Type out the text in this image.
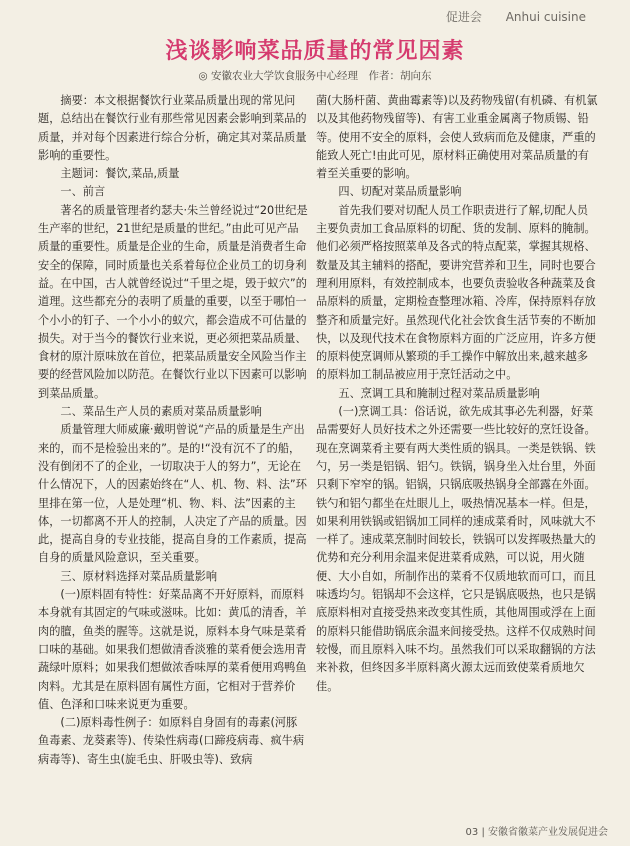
促进会 Anhui cuisine
浅谈影响菜品质量的常见因素
◎ 安徽农业大学饮食服务中心经理　作者：胡向东

摘要：本文根据餐饮行业菜品质量出现的常见问题，总结出在餐饮行业有那些常见因素会影响到菜品的质量，并对每个因素进行综合分析，确定其对菜品质量影响的重要性。

主题词：餐饮,菜品,质量

一、前言

著名的质量管理者约瑟夫·朱兰曾经说过“20世纪是生产率的世纪，21世纪是质量的世纪。”由此可见产品质量的重要性。质量是企业的生命，质量是消费者生命安全的保障，同时质量也关系着每位企业员工的切身利益。在中国，古人就曾经说过“千里之堤，毁于蚁穴”的道理。这些都充分的表明了质量的重要，以至于哪怕一个小小的钉子、一个小小的蚁穴，都会造成不可估量的损失。对于当今的餐饮行业来说，更必须把菜品质量、食材的原汁原味放在首位，把菜品质量安全风险当作主要的经营风险加以防范。在餐饮行业以下因素可以影响到菜品质量。

二、菜品生产人员的素质对菜品质量影响

质量管理大师威廉·戴明曾说“产品的质量是生产出来的，而不是检验出来的”。是的!“没有沉不了的船，没有倒闭不了的企业，一切取决于人的努力”，无论在什么情况下，人的因素始终在“人、机、物、料、法”环里排在第一位，人是处理“机、物、料、法”因素的主体，一切都离不开人的控制，人决定了产品的质量。因此，提高自身的专业技能，提高自身的工作素质，提高自身的质量风险意识，至关重要。

三、原材料选择对菜品质量影响

(一)原料固有特性：好菜品离不开好原料，而原料本身就有其固定的气味或滋味。比如：黄瓜的清香，羊肉的膻，鱼类的腥等。这就是说，原料本身气味是菜肴口味的基础。如果我们想做清香淡雅的菜肴便会选用青蔬绿叶原料；如果我们想做浓香味厚的菜肴便用鸡鸭鱼肉料。尤其是在原料固有属性方面，它相对于营养价值、色泽和口味来说更为重要。

(二)原料毒性例子：如原料自身固有的毒素(河豚鱼毒素、龙葵素等)、传染性病毒(口蹄疫病毒、疯牛病病毒等)、寄生虫(旋毛虫、肝吸虫等)、致病

菌(大肠杆菌、黄曲霉素等)以及药物残留(有机磷、有机氯以及其他药物残留等)、有害工业重金属离子物质锡、铅等。使用不安全的原料，会使人致病而危及健康，严重的能致人死亡!由此可见，原材料正确使用对菜品质量的有着至关重要的影响。

四、切配对菜品质量影响

首先我们要对切配人员工作职责进行了解,切配人员主要负责加工食品原料的切配、货的发制、原料的腌制。他们必须严格按照菜单及各式的特点配菜，掌握其规格、数量及其主辅料的搭配，要讲究营养和卫生，同时也要合理利用原料，有效控制成本，也要负责验收各种蔬菜及食品原料的质量，定期检查整理冰箱、冷库，保持原料存放整齐和质量完好。虽然现代化社会饮食生活节奏的不断加快，以及现代技术在食物原料方面的广泛应用，许多方便的原料使烹调师从繁琐的手工操作中解放出来,越来越多的原料加工制品被应用于烹饪活动之中。

五、烹调工具和腌制过程对菜品质量影响

(一)烹调工具：俗话说，欲先成其事必先利器，好菜品需要好人员好技术之外还需要一些比较好的烹饪设备。现在烹调菜肴主要有两大类性质的锅具。一类是铁锅、铁勺，另一类是铝锅、铝勺。铁锅，锅身坐入灶台里，外面只剩下窄窄的锅。铝锅，只锅底吸热锅身全部露在外面。铁勺和铝勺都坐在灶眼儿上，吸热情况基本一样。但是，如果利用铁锅或铝锅加工同样的速成菜肴时，风味就大不一样了。速成菜烹制时间较长，铁锅可以发挥吸热量大的优势和充分利用余温来促进菜肴成熟，可以说，用火随便、大小自如，所制作出的菜肴不仅质地软而可口，而且味透均匀。铝锅却不会这样，它只是锅底吸热，也只是锅底原料相对直接受热来改变其性质，其他周围或浮在上面的原料只能借助锅底余温来间接受热。这样不仅成熟时间较慢，而且原料入味不均。虽然我们可以采取翻锅的方法来补救，但终因多半原料离火源太远而致使菜肴质地欠佳。

03 | 安徽省徽菜产业发展促进会
